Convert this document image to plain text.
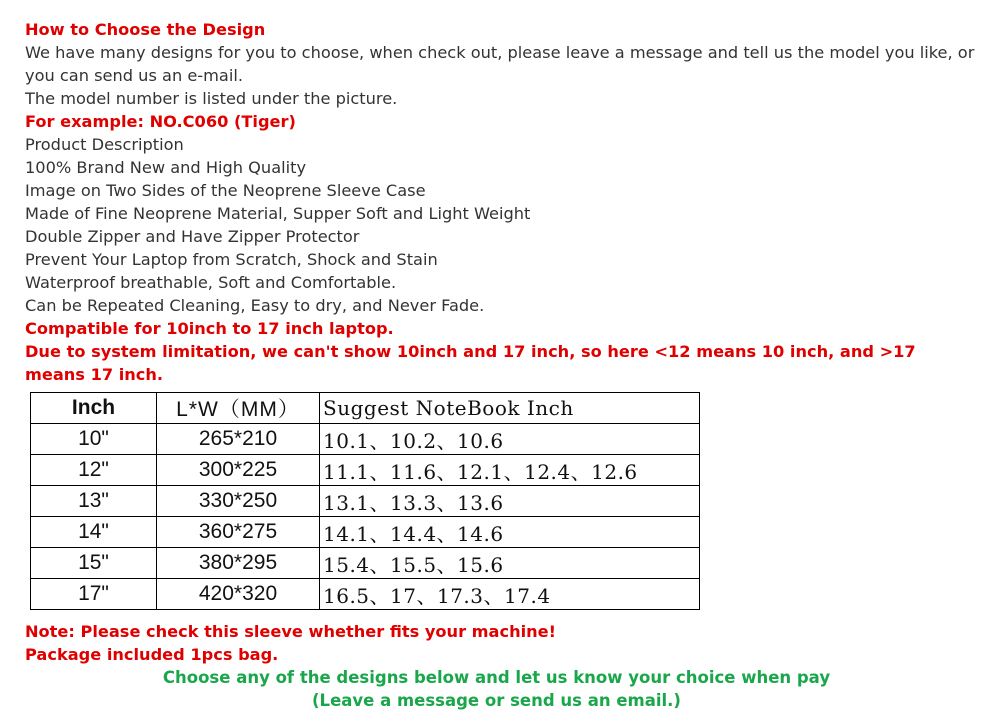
How to Choose the Design
We have many designs for you to choose, when check out, please leave a message and tell us the model you like, or you can send us an e-mail.
The model number is listed under the picture.
For example: NO.C060 (Tiger)
Product Description
100% Brand New and High Quality
Image on Two Sides of the Neoprene Sleeve Case
Made of Fine Neoprene Material, Supper Soft and Light Weight
Double Zipper and Have Zipper Protector
Prevent Your Laptop from Scratch, Shock and Stain
Waterproof breathable, Soft and Comfortable.
Can be Repeated Cleaning, Easy to dry, and Never Fade.
Compatible for 10inch to 17 inch laptop.
Due to system limitation, we can't show 10inch and 17 inch, so here <12 means 10 inch, and >17 means 17 inch.
Inch	L*W（MM）	Suggest NoteBook Inch
10"	265*210	10.1、10.2、10.6
12"	300*225	11.1、11.6、12.1、12.4、12.6
13"	330*250	13.1、13.3、13.6
14"	360*275	14.1、14.4、14.6
15"	380*295	15.4、15.5、15.6
17"	420*320	16.5、17、17.3、17.4
Note: Please check this sleeve whether fits your machine!
Package included 1pcs bag.
Choose any of the designs below and let us know your choice when pay
(Leave a message or send us an email.)
